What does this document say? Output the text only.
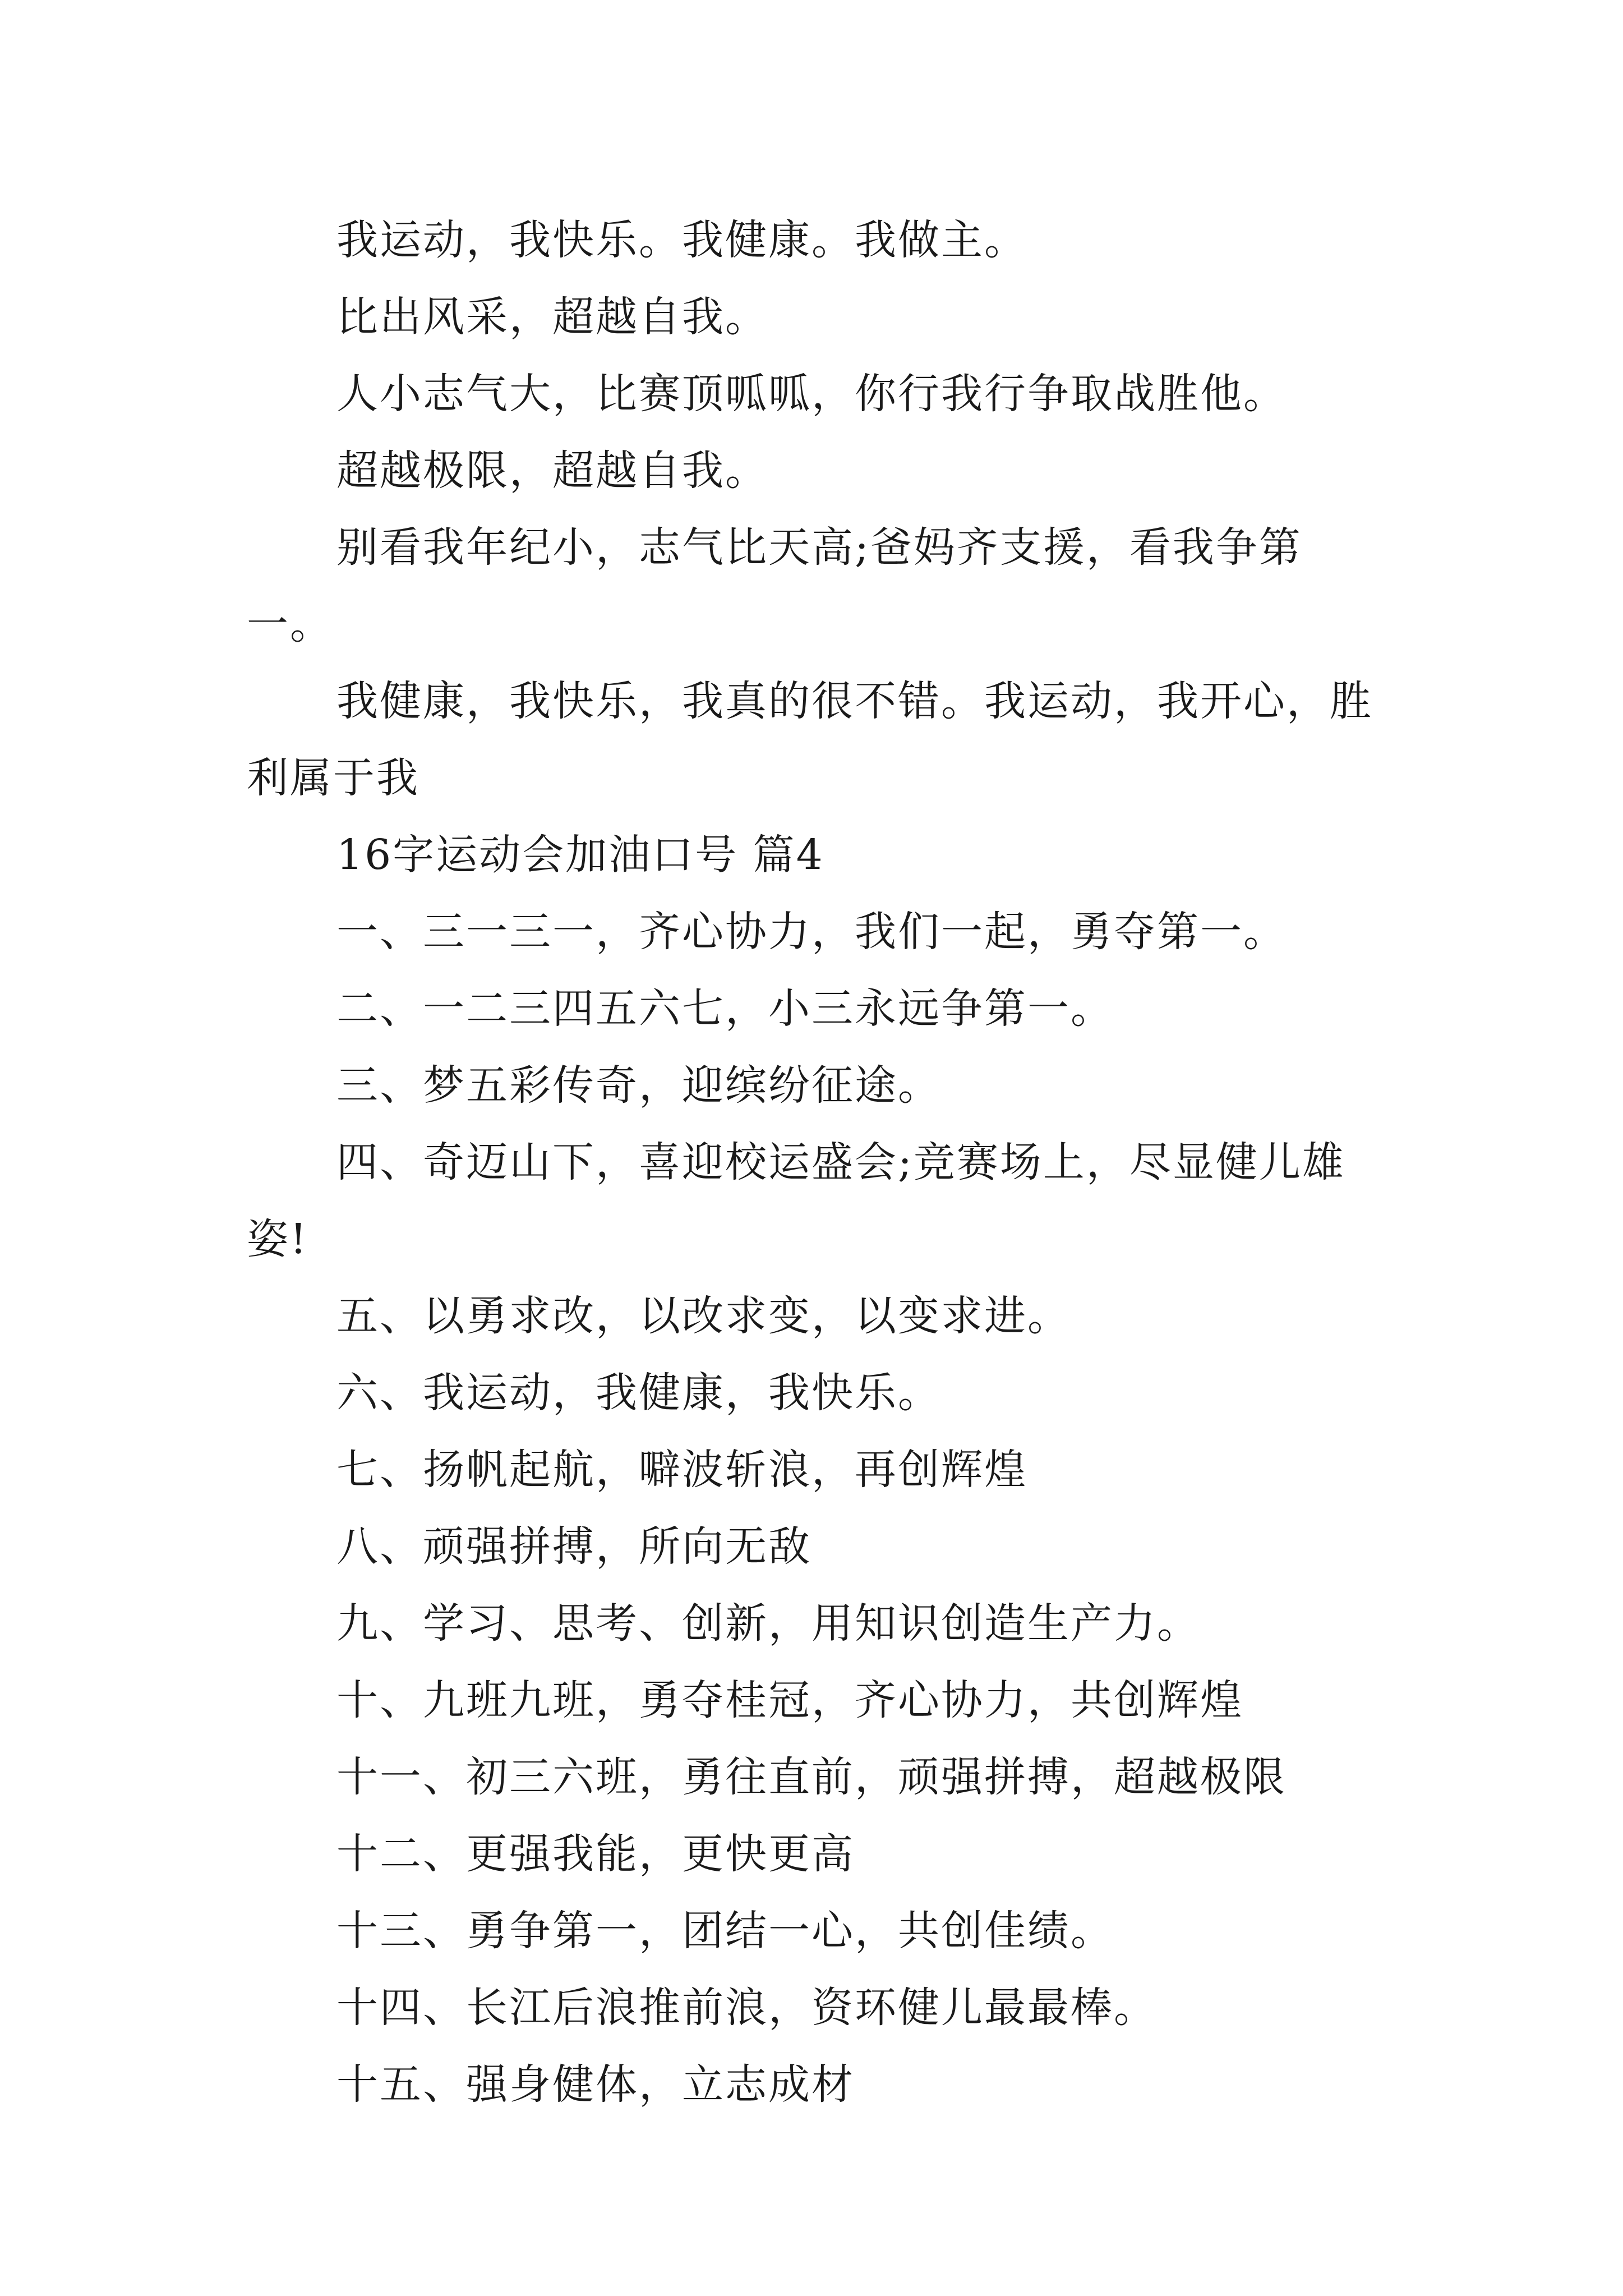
我运动，我快乐。我健康。我做主。

比出风采，超越自我。

人小志气大，比赛顶呱呱，你行我行争取战胜他。

超越极限，超越自我。

别看我年纪小，志气比天高;爸妈齐支援，看我争第一。

我健康，我快乐，我真的很不错。我运动，我开心，胜利属于我

16字运动会加油口号 篇4

一、三一三一，齐心协力，我们一起，勇夺第一。

二、一二三四五六七，小三永远争第一。

三、梦五彩传奇，迎缤纷征途。

四、奇迈山下，喜迎校运盛会;竞赛场上，尽显健儿雄姿!

五、以勇求改，以改求变，以变求进。

六、我运动，我健康，我快乐。

七、扬帆起航，噼波斩浪，再创辉煌

八、顽强拼搏，所向无敌

九、学习、思考、创新，用知识创造生产力。

十、九班九班，勇夺桂冠，齐心协力，共创辉煌

十一、初三六班，勇往直前，顽强拼搏，超越极限

十二、更强我能，更快更高

十三、勇争第一，团结一心，共创佳绩。

十四、长江后浪推前浪，资环健儿最最棒。

十五、强身健体，立志成材
